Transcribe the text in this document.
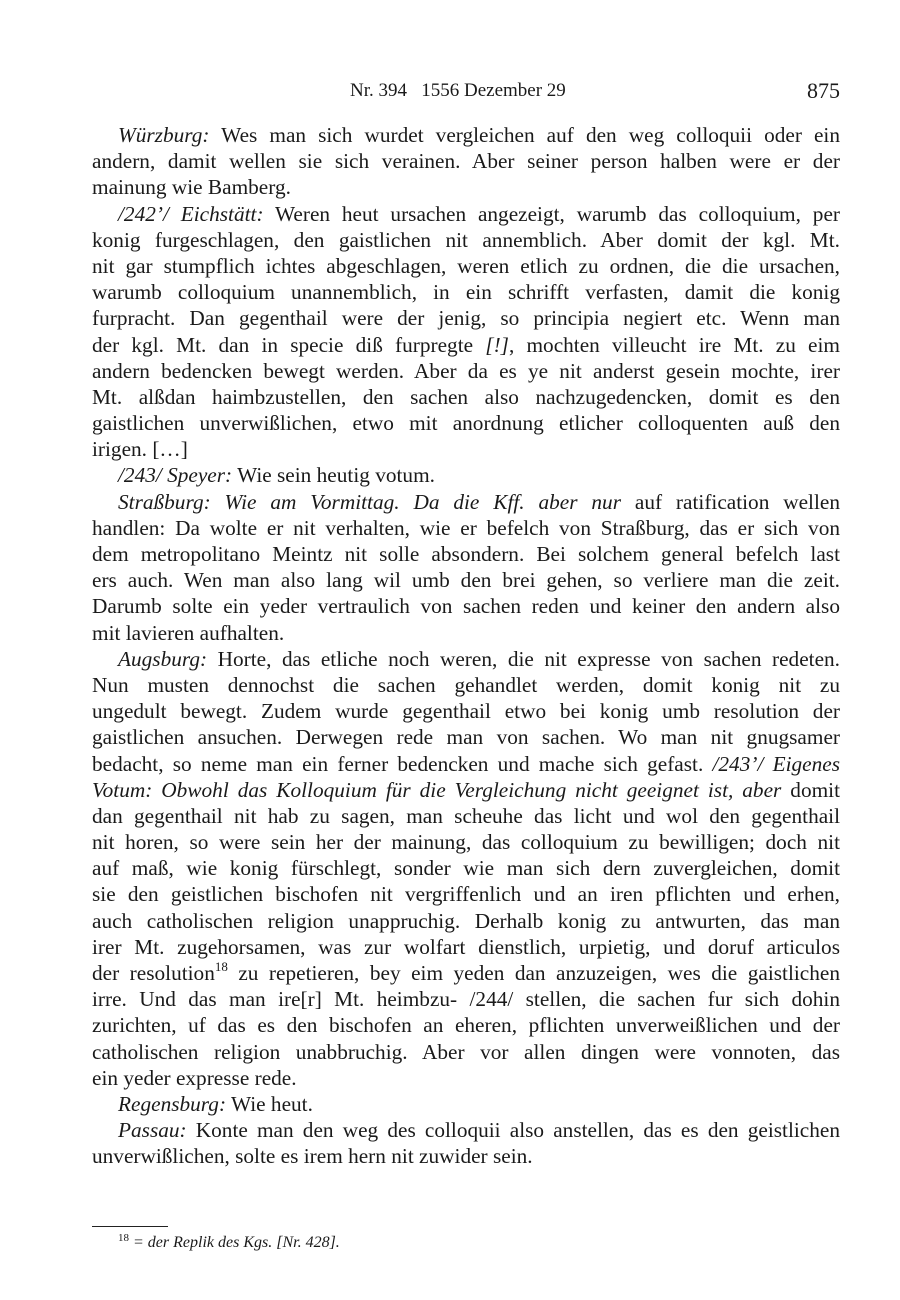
Nr. 394   1556 Dezember 29	875
Würzburg: Wes man sich wurdet vergleichen auf den weg colloquii oder ein
andern, damit wellen sie sich verainen. Aber seiner person halben were er der
mainung wie Bamberg.
/242’/ Eichstätt: Weren heut ursachen angezeigt, warumb das colloquium, per
konig furgeschlagen, den gaistlichen nit annemblich. Aber domit der kgl. Mt.
nit gar stumpflich ichtes abgeschlagen, weren etlich zu ordnen, die die ursachen,
warumb colloquium unannemblich, in ein schrifft verfasten, damit die konig
furpracht. Dan gegenthail were der jenig, so principia negiert etc. Wenn man
der kgl. Mt. dan in specie diß furpregte [!], mochten villeucht ire Mt. zu eim
andern bedencken bewegt werden. Aber da es ye nit anderst gesein mochte, irer
Mt. alßdan haimbzustellen, den sachen also nachzugedencken, domit es den
gaistlichen unverwißlichen, etwo mit anordnung etlicher colloquenten auß den
irigen. […]
/243/ Speyer: Wie sein heutig votum.
Straßburg: Wie am Vormittag. Da die Kff. aber nur auf ratification wellen
handlen: Da wolte er nit verhalten, wie er befelch von Straßburg, das er sich von
dem metropolitano Meintz nit solle absondern. Bei solchem general befelch last
ers auch. Wen man also lang wil umb den brei gehen, so verliere man die zeit.
Darumb solte ein yeder vertraulich von sachen reden und keiner den andern also
mit lavieren aufhalten.
Augsburg: Horte, das etliche noch weren, die nit expresse von sachen redeten.
Nun musten dennochst die sachen gehandlet werden, domit konig nit zu
ungedult bewegt. Zudem wurde gegenthail etwo bei konig umb resolution der
gaistlichen ansuchen. Derwegen rede man von sachen. Wo man nit gnugsamer
bedacht, so neme man ein ferner bedencken und mache sich gefast. /243’/ Eigenes
Votum: Obwohl das Kolloquium für die Vergleichung nicht geeignet ist, aber domit
dan gegenthail nit hab zu sagen, man scheuhe das licht und wol den gegenthail
nit horen, so were sein her der mainung, das colloquium zu bewilligen; doch nit
auf maß, wie konig fürschlegt, sonder wie man sich dern zuvergleichen, domit
sie den geistlichen bischofen nit vergriffenlich und an iren pflichten und erhen,
auch catholischen religion unappruchig. Derhalb konig zu antwurten, das man
irer Mt. zugehorsamen, was zur wolfart dienstlich, urpietig, und doruf articulos
der resolution$^{18}$ zu repetieren, bey eim yeden dan anzuzeigen, wes die gaistlichen
irre. Und das man ire[r] Mt. heimbzu- /244/ stellen, die sachen fur sich dohin
zurichten, uf das es den bischofen an eheren, pflichten unverweißlichen und der
catholischen religion unabbruchig. Aber vor allen dingen were vonnoten, das
ein yeder expresse rede.
Regensburg: Wie heut.
Passau: Konte man den weg des colloquii also anstellen, das es den geistlichen
unverwißlichen, solte es irem hern nit zuwider sein.
$^{18}$ = der Replik des Kgs. [Nr. 428].
